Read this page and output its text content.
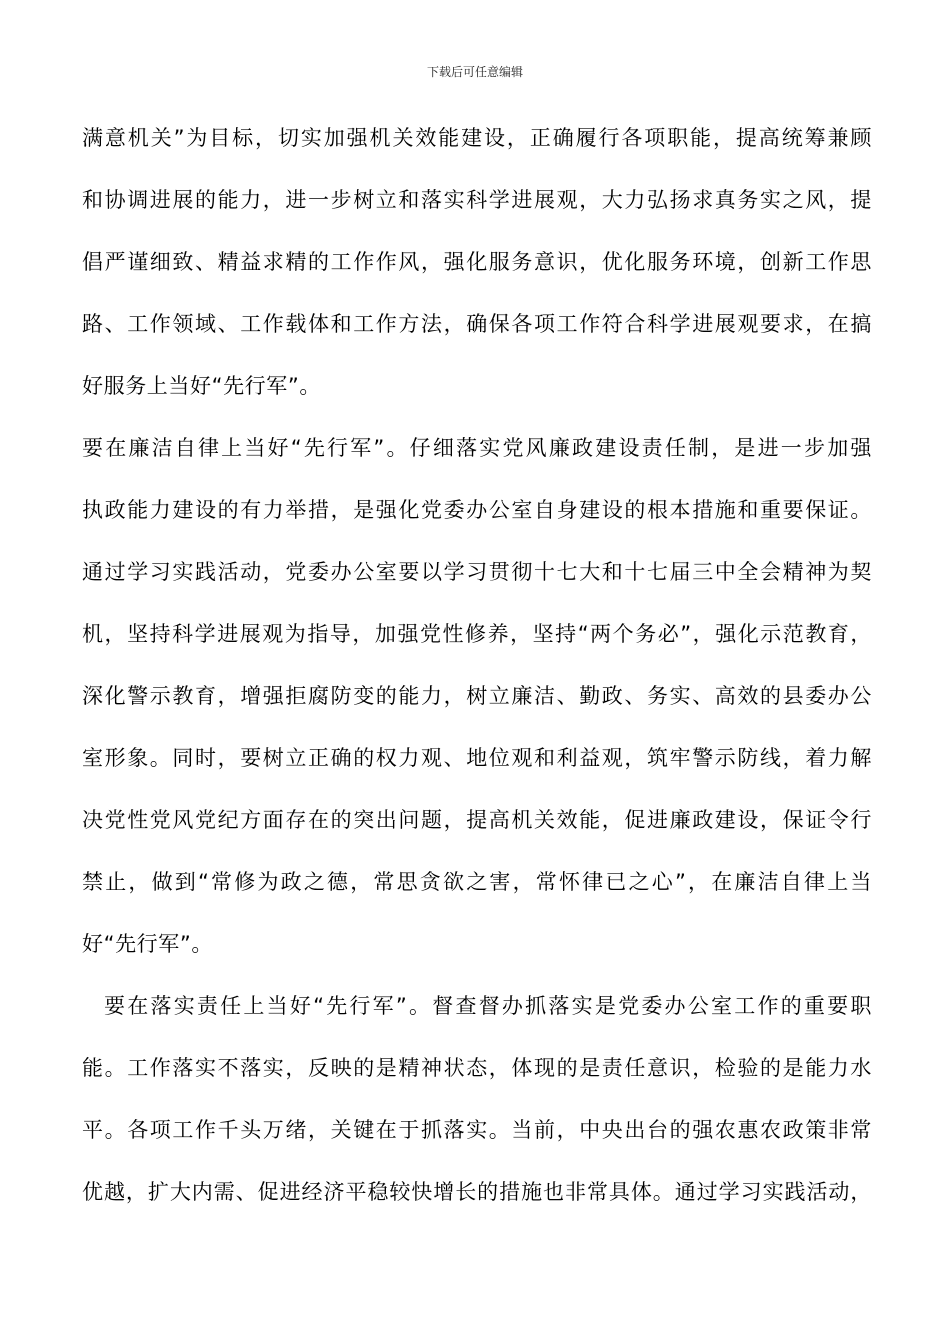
下载后可任意编辑
满意机关”为目标，切实加强机关效能建设，正确履行各项职能，提高统筹兼顾
和协调进展的能力，进一步树立和落实科学进展观，大力弘扬求真务实之风，提
倡严谨细致、精益求精的工作作风，强化服务意识，优化服务环境，创新工作思
路、工作领域、工作载体和工作方法，确保各项工作符合科学进展观要求，在搞
好服务上当好“先行军”。
要在廉洁自律上当好“先行军”。仔细落实党风廉政建设责任制，是进一步加强
执政能力建设的有力举措，是强化党委办公室自身建设的根本措施和重要保证。
通过学习实践活动，党委办公室要以学习贯彻十七大和十七届三中全会精神为契
机，坚持科学进展观为指导，加强党性修养，坚持“两个务必”，强化示范教育，
深化警示教育，增强拒腐防变的能力，树立廉洁、勤政、务实、高效的县委办公
室形象。同时，要树立正确的权力观、地位观和利益观，筑牢警示防线，着力解
决党性党风党纪方面存在的突出问题，提高机关效能，促进廉政建设，保证令行
禁止，做到“常修为政之德，常思贪欲之害，常怀律已之心”，在廉洁自律上当
好“先行军”。
要在落实责任上当好“先行军”。督查督办抓落实是党委办公室工作的重要职
能。工作落实不落实，反映的是精神状态，体现的是责任意识，检验的是能力水
平。各项工作千头万绪，关键在于抓落实。当前，中央出台的强农惠农政策非常
优越，扩大内需、促进经济平稳较快增长的措施也非常具体。通过学习实践活动，
